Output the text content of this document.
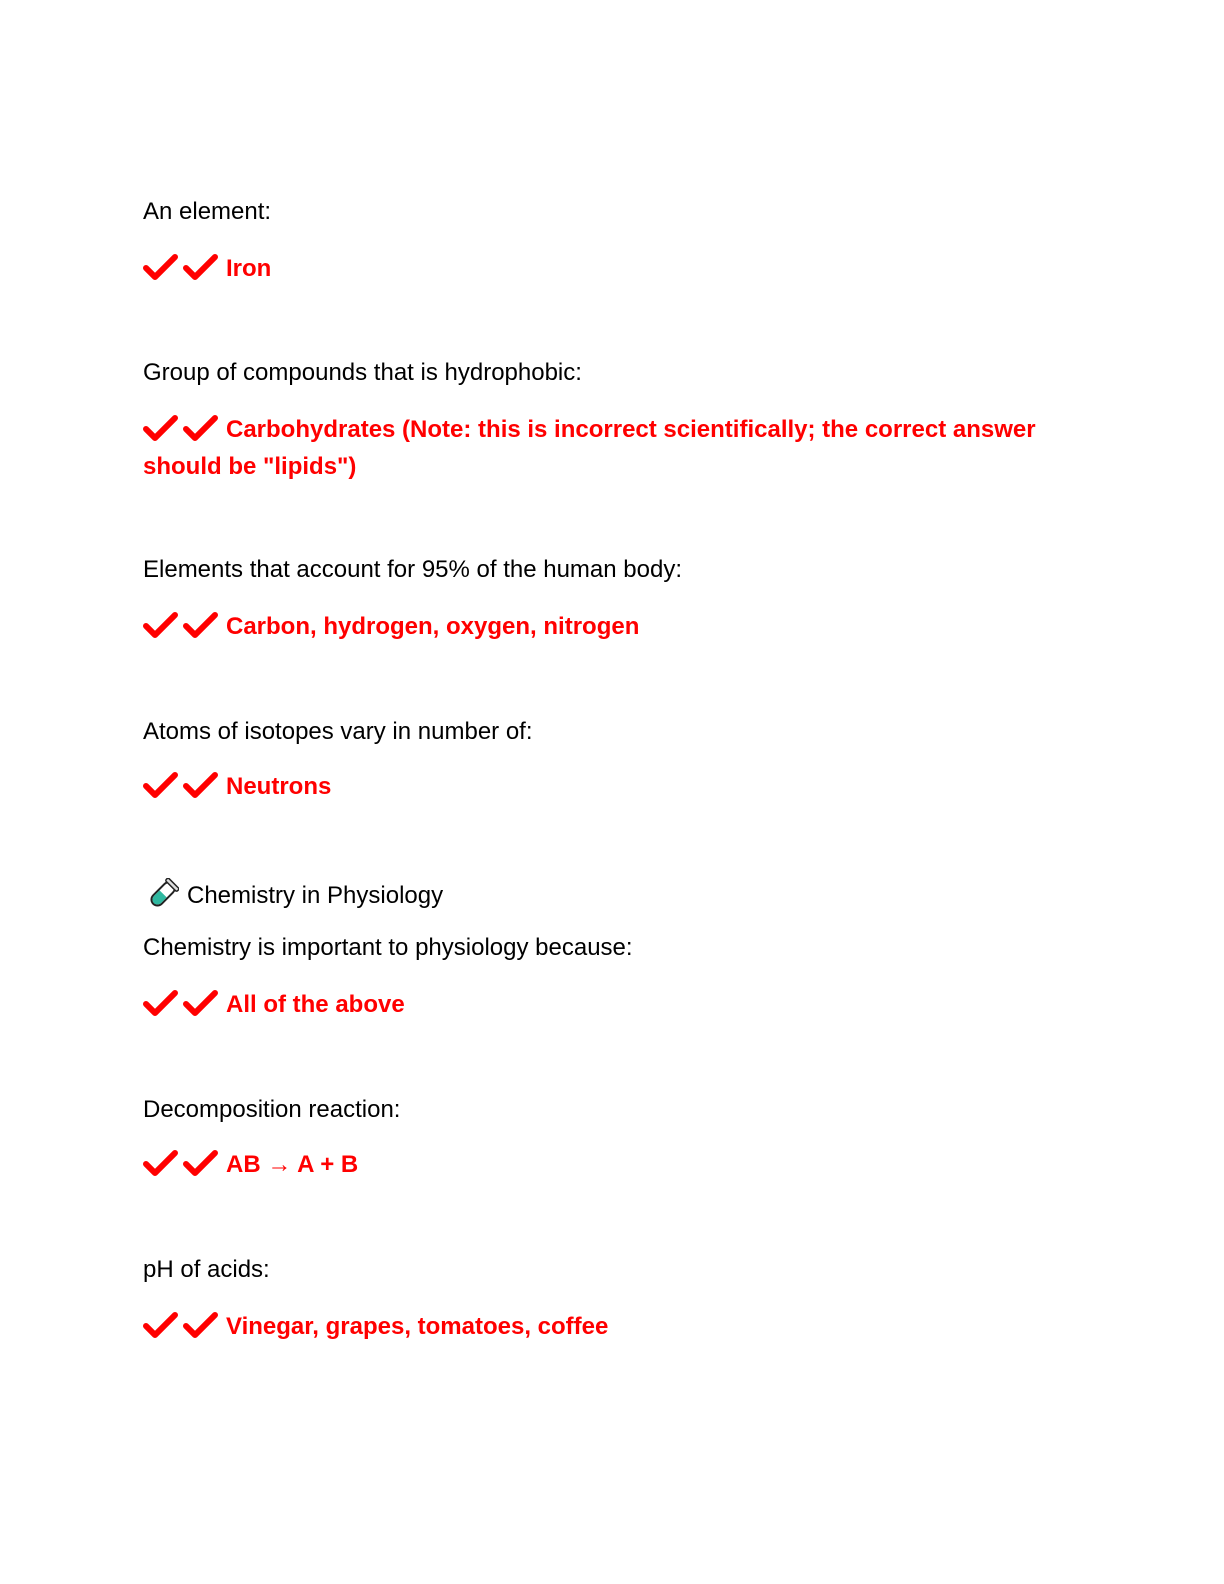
An element:
Iron
Group of compounds that is hydrophobic:
Carbohydrates (Note: this is incorrect scientifically; the correct answer should be "lipids")
Elements that account for 95% of the human body:
Carbon, hydrogen, oxygen, nitrogen
Atoms of isotopes vary in number of:
Neutrons
Chemistry in Physiology
Chemistry is important to physiology because:
All of the above
Decomposition reaction:
AB → A + B
pH of acids:
Vinegar, grapes, tomatoes, coffee
